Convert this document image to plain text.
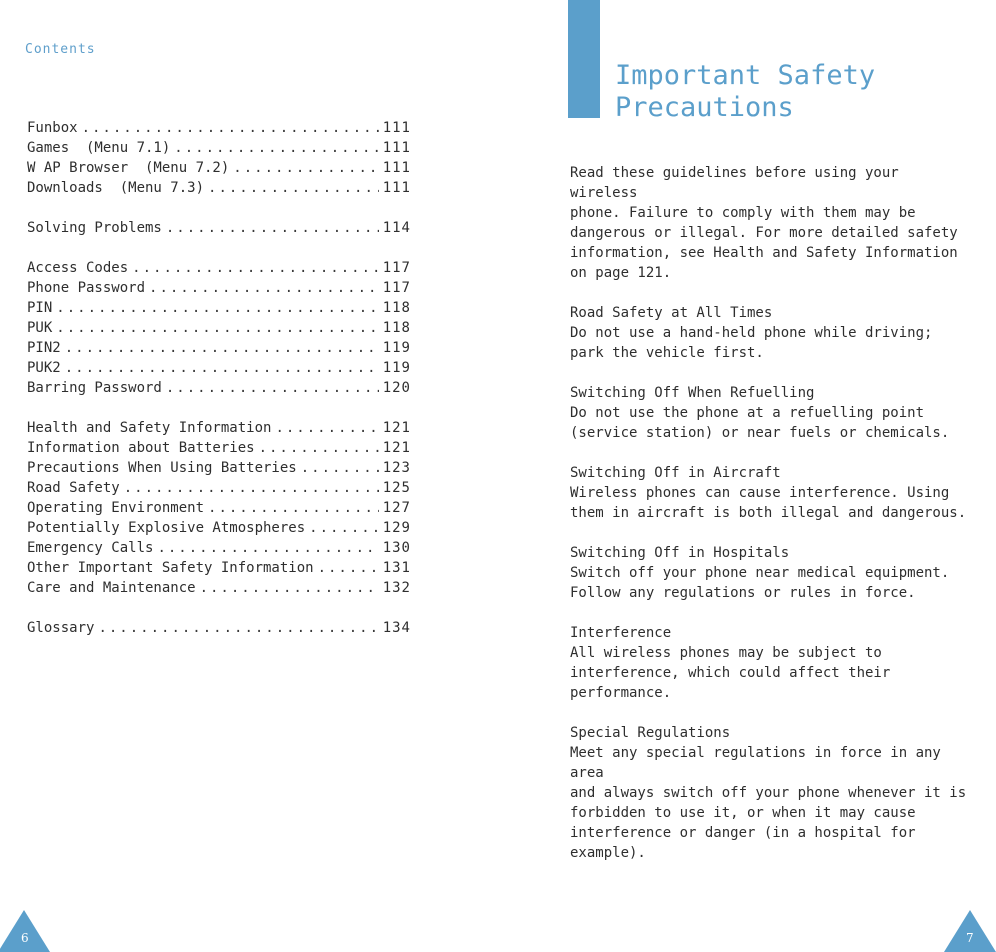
Contents
Funbox .....	111
Games  (Menu 7.1) .....	111
W AP Browser  (Menu 7.2) .....	111
Downloads  (Menu 7.3) .....	111
Solving Problems .....	114
Access Codes .....	117
Phone Password .....	117
PIN .....	118
PUK .....	118
PIN2 .....	119
PUK2 .....	119
Barring Password .....	120
Health and Safety Information .....	121
Information about Batteries .....	121
Precautions When Using Batteries .....	123
Road Safety .....	125
Operating Environment .....	127
Potentially Explosive Atmospheres .....	129
Emergency Calls .....	130
Other Important Safety Information .....	131
Care and Maintenance .....	132
Glossary .....	134
6
Important Safety Precautions

Read these guidelines before using your wireless
phone. Failure to comply with them may be
dangerous or illegal. For more detailed safety
information, see Health and Safety Information
on page 121.

Road Safety at All Times

Do not use a hand-held phone while driving;
park the vehicle first.

Switching Off When Refuelling

Do not use the phone at a refuelling point
(service station) or near fuels or chemicals.

Switching Off in Aircraft

Wireless phones can cause interference. Using
them in aircraft is both illegal and dangerous.

Switching Off in Hospitals

Switch off your phone near medical equipment.
Follow any regulations or rules in force.

Interference

All wireless phones may be subject to
interference, which could affect their
performance.

Special Regulations

Meet any special regulations in force in any area
and always switch off your phone whenever it is
forbidden to use it, or when it may cause
interference or danger (in a hospital for
example).

7
